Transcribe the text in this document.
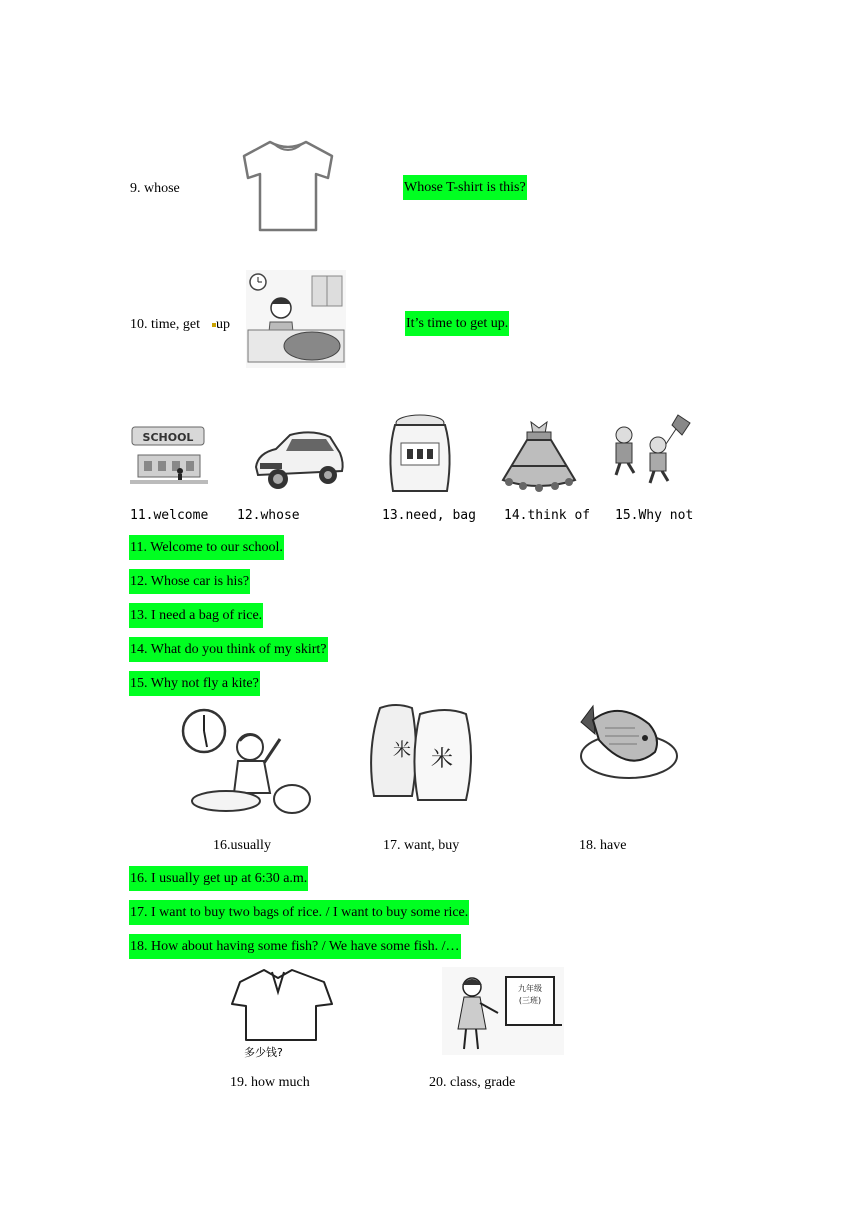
9. whose	Whose T-shirt is this?
10. time, get up	It’s time to get up.
SCHOOL
11.welcome 12.whose	13.need, bag 14.think of 15.Why not
11. Welcome to our school.
12. Whose car is his?
13. I need a bag of rice.
14. What do you think of my skirt?
15. Why not fly a kite?
米 米
16.usually	17. want, buy	18. have
16. I usually get up at 6:30 a.m.
17. I want to buy two bags of rice. / I want to buy some rice.
18. How about having some fish? / We have some fish. /…
多少钱?
九年级
(三班)
19. how much	20. class, grade
